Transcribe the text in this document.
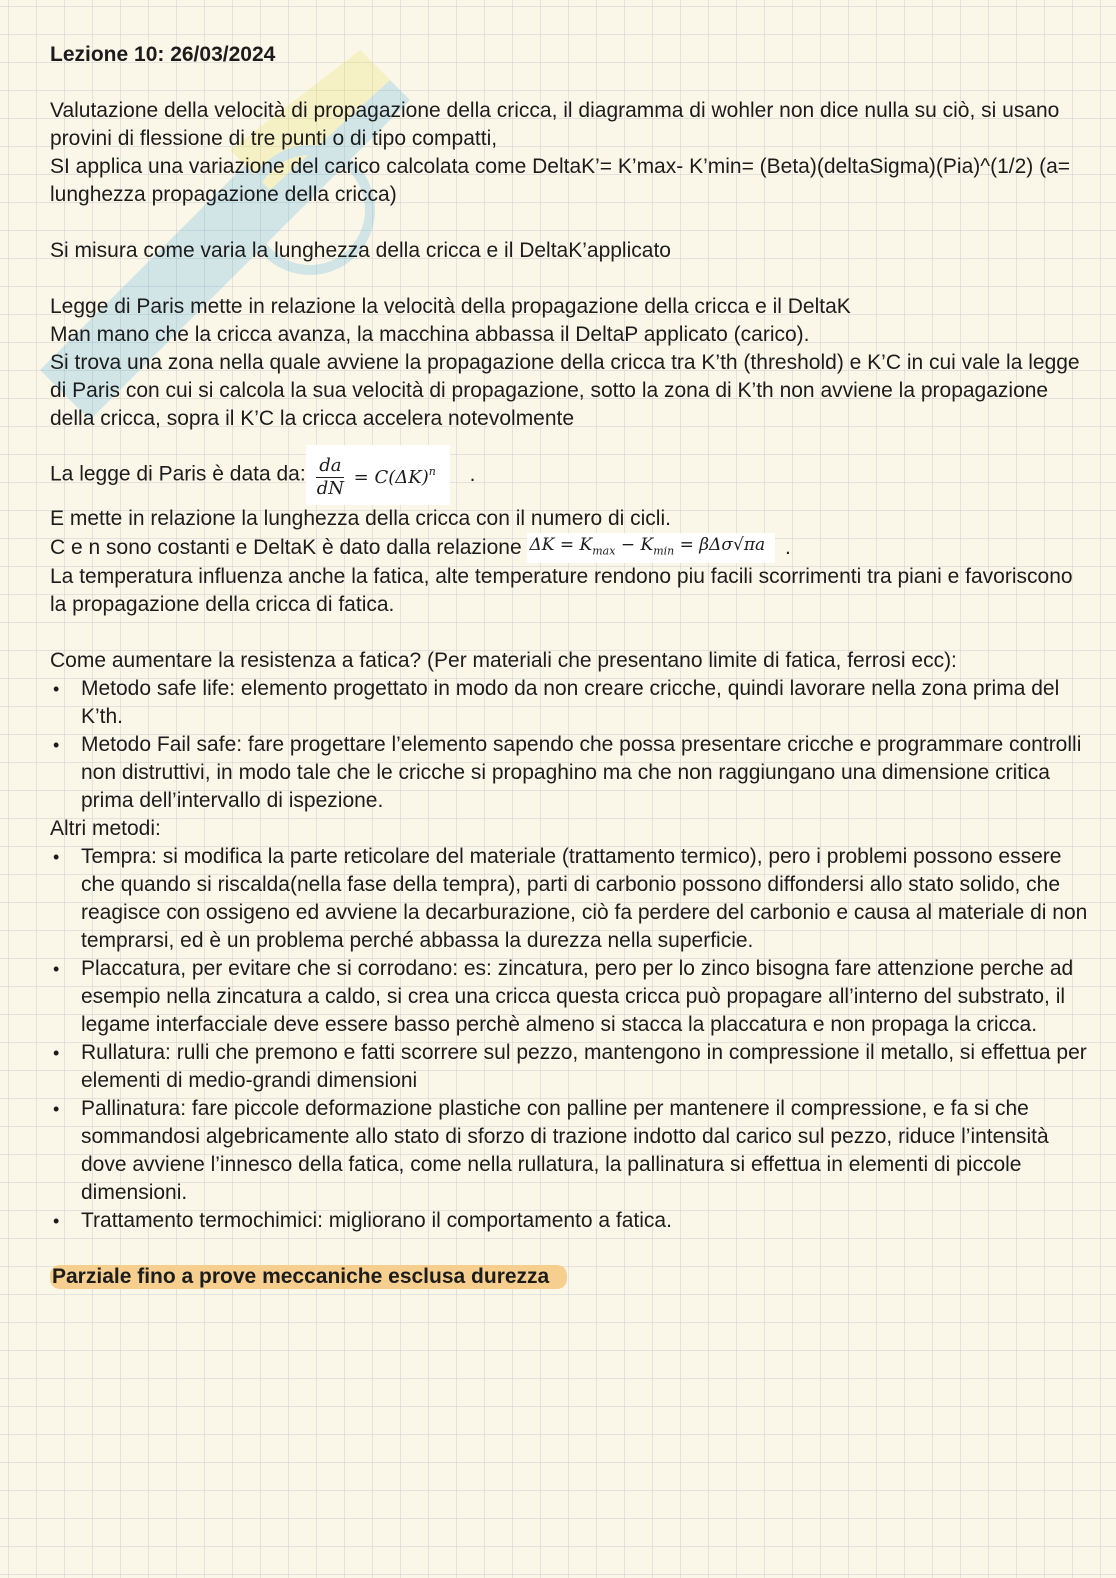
Lezione 10: 26/03/2024

Valutazione della velocità di propagazione della cricca, il diagramma di wohler non dice nulla su ciò, si usano provini di flessione di tre punti o di tipo compatti,

SI applica una variazione del carico calcolata come DeltaK’= K’max- K’min= (Beta)(deltaSigma)(Pia)^(1/2) (a= lunghezza propagazione della cricca)

Si misura come varia la lunghezza della cricca e il DeltaK’applicato

Legge di Paris mette in relazione la velocità della propagazione della cricca e il DeltaK

Man mano che la cricca avanza, la macchina abbassa il DeltaP applicato (carico).

Si trova una zona nella quale avviene la propagazione della cricca tra K’th (threshold) e K’C in cui vale la legge di Paris con cui si calcola la sua velocità di propagazione, sotto la zona di K’th non avviene la propagazione della cricca, sopra il K’C la cricca accelera notevolmente

La legge di Paris è data da: $\frac{da}{dN} = C(\Delta K)^n$ .

E mette in relazione la lunghezza della cricca con il numero di cicli.

C e n sono costanti e DeltaK è dato dalla relazione $\Delta K = K_{max} - K_{min} = \beta\Delta\sigma√\pi a$ .

La temperatura influenza anche la fatica, alte temperature rendono piu facili scorrimenti tra piani e favoriscono la propagazione della cricca di fatica.

Come aumentare la resistenza a fatica? (Per materiali che presentano limite di fatica, ferrosi ecc):

• Metodo safe life: elemento progettato in modo da non creare cricche, quindi lavorare nella zona prima del K’th.
• Metodo Fail safe: fare progettare l’elemento sapendo che possa presentare cricche e programmare controlli non distruttivi, in modo tale che le cricche si propaghino ma che non raggiungano una dimensione critica prima dell’intervallo di ispezione.

Altri metodi:

• Tempra: si modifica la parte reticolare del materiale (trattamento termico), pero i problemi possono essere che quando si riscalda(nella fase della tempra), parti di carbonio possono diffondersi allo stato solido, che reagisce con ossigeno ed avviene la decarburazione, ciò fa perdere del carbonio e causa al materiale di non temprarsi, ed è un problema perché abbassa la durezza nella superficie.
• Placcatura, per evitare che si corrodano: es: zincatura, pero per lo zinco bisogna fare attenzione perche ad esempio nella zincatura a caldo, si crea una cricca questa cricca può propagare all’interno del substrato, il legame interfacciale deve essere basso perchè almeno si stacca la placcatura e non propaga la cricca.
• Rullatura: rulli che premono e fatti scorrere sul pezzo, mantengono in compressione il metallo, si effettua per elementi di medio-grandi dimensioni
• Pallinatura: fare piccole deformazione plastiche con palline per mantenere il compressione, e fa si che sommandosi algebricamente allo stato di sforzo di trazione indotto dal carico sul pezzo, riduce l’intensità dove avviene l’innesco della fatica, come nella rullatura, la pallinatura si effettua in elementi di piccole dimensioni.
• Trattamento termochimici: migliorano il comportamento a fatica.
Parziale fino a prove meccaniche esclusa durezza
